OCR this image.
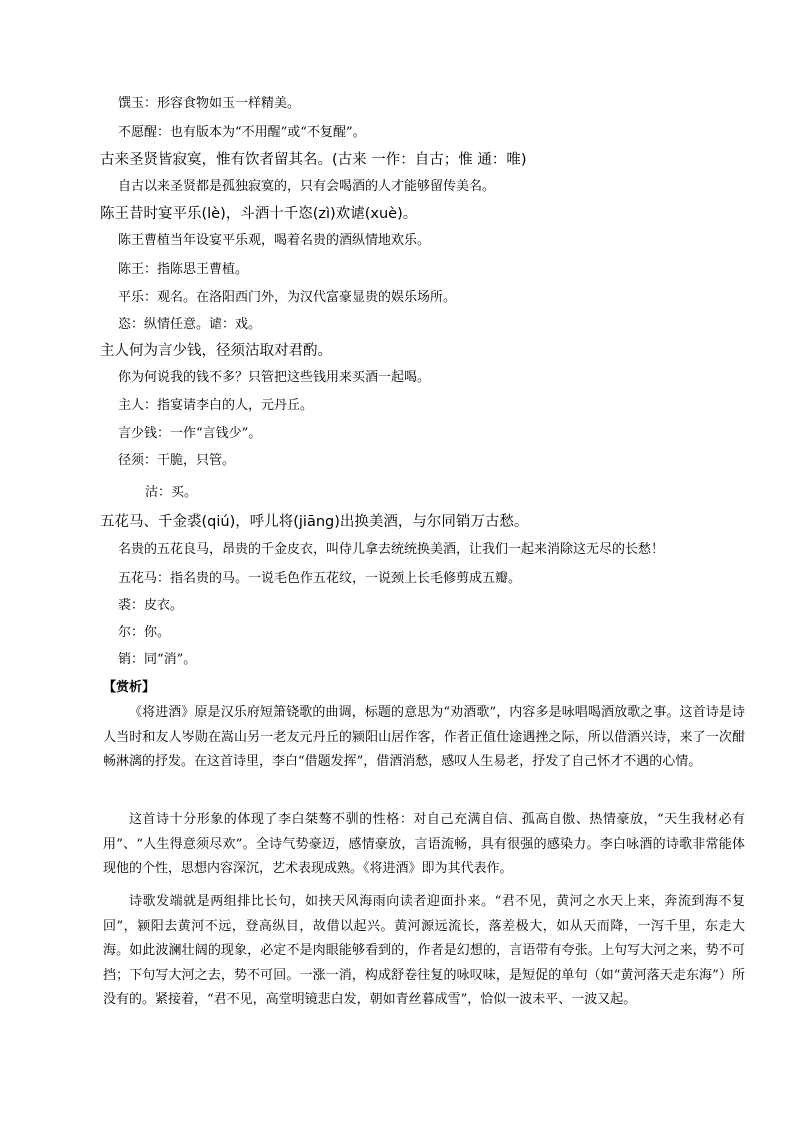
馔玉：形容食物如玉一样精美。
不愿醒：也有版本为“不用醒”或“不复醒”。
古来圣贤皆寂寞，惟有饮者留其名。(古来 一作：自古；惟 通：唯)
自古以来圣贤都是孤独寂寞的，只有会喝酒的人才能够留传美名。
陈王昔时宴平乐(lè)，斗酒十千恣(zì)欢谑(xuè)。
陈王曹植当年设宴平乐观，喝着名贵的酒纵情地欢乐。
陈王：指陈思王曹植。
平乐：观名。在洛阳西门外，为汉代富豪显贵的娱乐场所。
恣：纵情任意。谑：戏。
主人何为言少钱，径须沽取对君酌。
你为何说我的钱不多？只管把这些钱用来买酒一起喝。
主人：指宴请李白的人，元丹丘。
言少钱：一作“言钱少”。
径须：干脆，只管。
沽：买。
五花马、千金裘(qiú)，呼儿将(jiāng)出换美酒，与尔同销万古愁。
名贵的五花良马，昂贵的千金皮衣，叫侍儿拿去统统换美酒，让我们一起来消除这无尽的长愁！
五花马：指名贵的马。一说毛色作五花纹，一说颈上长毛修剪成五瓣。
裘：皮衣。
尔：你。
销：同“消”。
【赏析】

《将进酒》原是汉乐府短箫铙歌的曲调，标题的意思为“劝酒歌”，内容多是咏唱喝酒放歌之事。这首诗是诗人当时和友人岑勋在嵩山另一老友元丹丘的颍阳山居作客，作者正值仕途遇挫之际，所以借酒兴诗，来了一次酣畅淋漓的抒发。在这首诗里，李白“借题发挥”，借酒消愁，感叹人生易老，抒发了自己怀才不遇的心情。

这首诗十分形象的体现了李白桀骜不驯的性格：对自己充满自信、孤高自傲、热情豪放，“天生我材必有用”、“人生得意须尽欢”。全诗气势豪迈，感情豪放，言语流畅，具有很强的感染力。李白咏酒的诗歌非常能体现他的个性，思想内容深沉，艺术表现成熟。《将进酒》即为其代表作。

诗歌发端就是两组排比长句，如挟天风海雨向读者迎面扑来。“君不见，黄河之水天上来，奔流到海不复回”，颍阳去黄河不远，登高纵目，故借以起兴。黄河源远流长，落差极大，如从天而降，一泻千里，东走大海。如此波澜壮阔的现象，必定不是肉眼能够看到的，作者是幻想的，言语带有夸张。上句写大河之来，势不可挡；下句写大河之去，势不可回。一涨一消，构成舒卷往复的咏叹味，是短促的单句（如“黄河落天走东海”）所没有的。紧接着，“君不见，高堂明镜悲白发，朝如青丝暮成雪”，恰似一波未平、一波又起。
